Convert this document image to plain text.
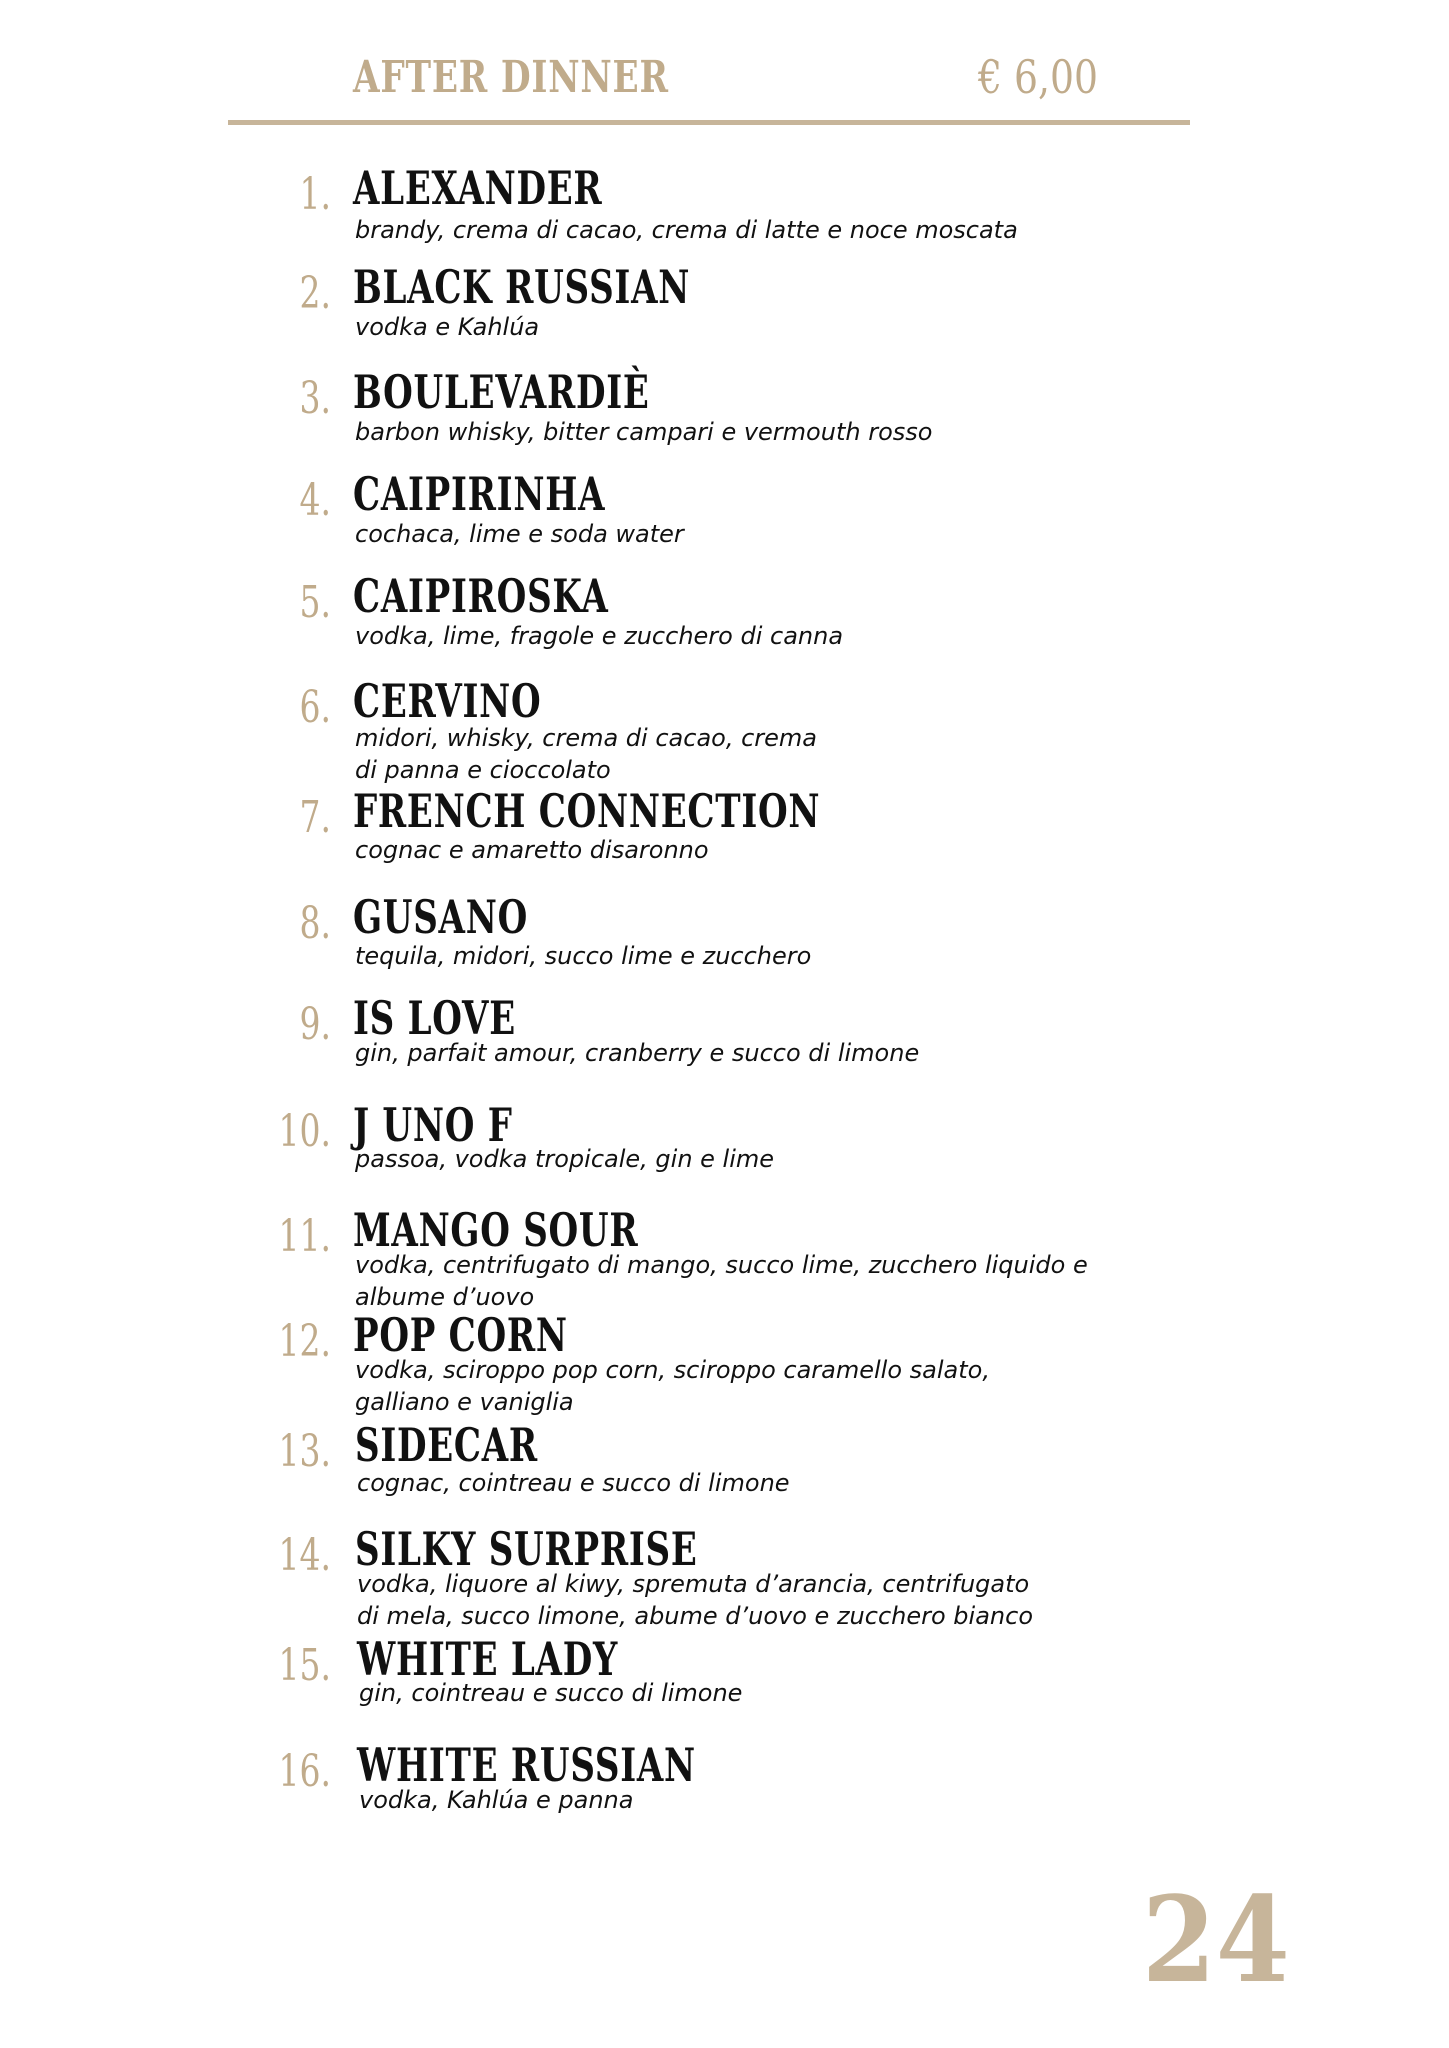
AFTER DINNER	€ 6,00
1. ALEXANDER
brandy, crema di cacao, crema di latte e noce moscata
2. BLACK RUSSIAN
vodka e Kahlúa
3. BOULEVARDIÈ
barbon whisky, bitter campari e vermouth rosso
4. CAIPIRINHA
cochaca, lime e soda water
5. CAIPIROSKA
vodka, lime, fragole e zucchero di canna
6. CERVINO
midori, whisky, crema di cacao, crema di panna e cioccolato
7. FRENCH CONNECTION
cognac e amaretto disaronno
8. GUSANO
tequila, midori, succo lime e zucchero
9. IS LOVE
gin, parfait amour, cranberry e succo di limone
10. J UNO F
passoa, vodka tropicale, gin e lime
11. MANGO SOUR
vodka, centrifugato di mango, succo lime, zucchero liquido e albume d’uovo
12. POP CORN
vodka, sciroppo pop corn, sciroppo caramello salato, galliano e vaniglia
13. SIDECAR
cognac, cointreau e succo di limone
14. SILKY SURPRISE
vodka, liquore al kiwy, spremuta d’arancia, centrifugato di mela, succo limone, abume d’uovo e zucchero bianco
15. WHITE LADY
gin, cointreau e succo di limone
16. WHITE RUSSIAN
vodka, Kahlúa e panna
24
